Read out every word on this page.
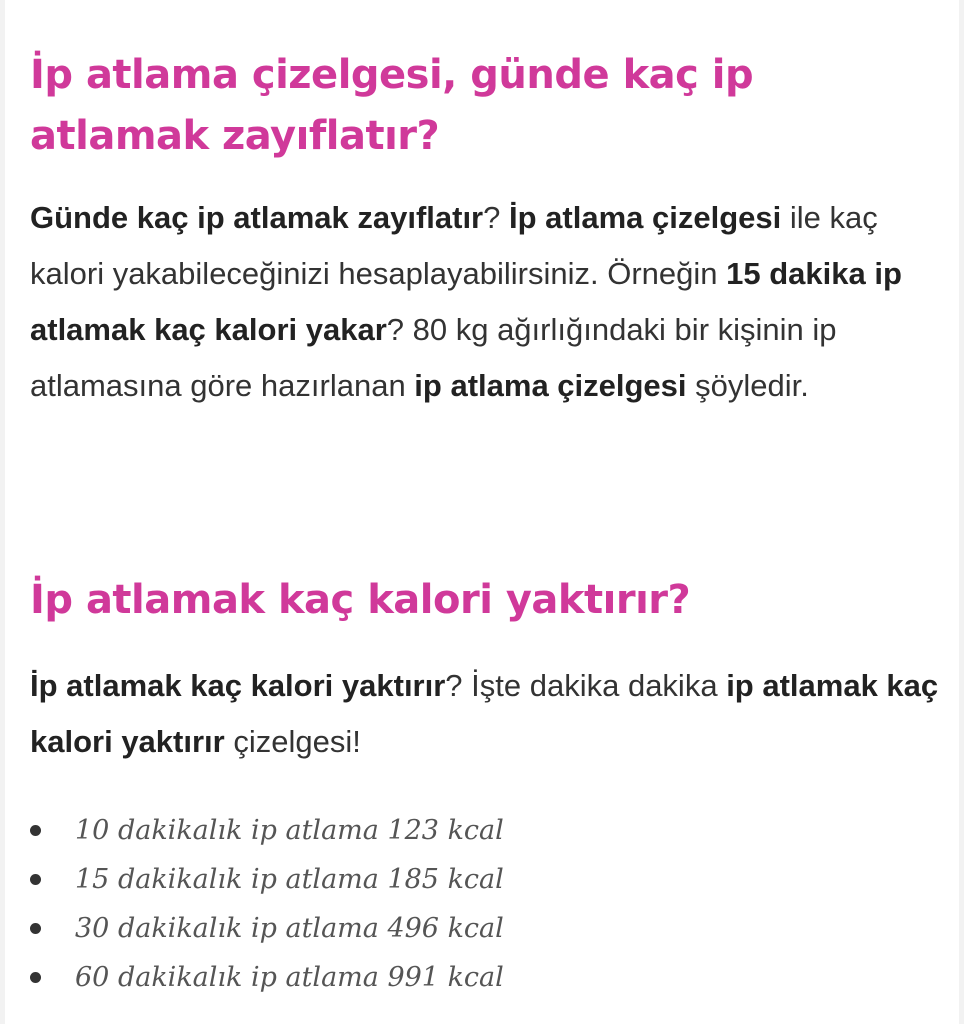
İp atlama çizelgesi, günde kaç ip atlamak zayıflatır?

Günde kaç ip atlamak zayıflatır? İp atlama çizelgesi ile kaç kalori yakabileceğinizi hesaplayabilirsiniz. Örneğin 15 dakika ip atlamak kaç kalori yakar? 80 kg ağırlığındaki bir kişinin ip atlamasına göre hazırlanan ip atlama çizelgesi şöyledir.

İp atlamak kaç kalori yaktırır?

İp atlamak kaç kalori yaktırır? İşte dakika dakika ip atlamak kaç kalori yaktırır çizelgesi!

10 dakikalık ip atlama 123 kcal
15 dakikalık ip atlama 185 kcal
30 dakikalık ip atlama 496 kcal
60 dakikalık ip atlama 991 kcal
